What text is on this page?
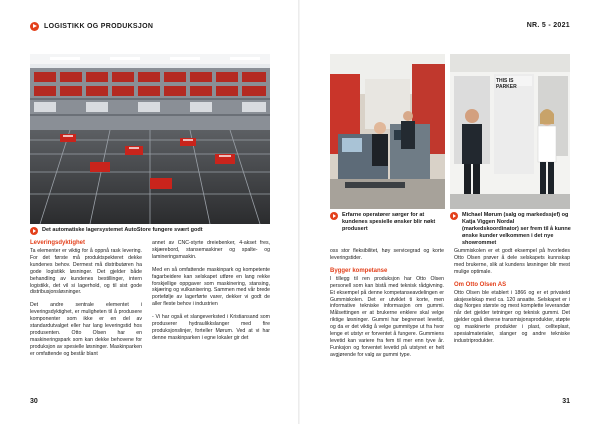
LOGISTIKK OG PRODUKSJON
Det automatiske lagersystemet AutoStore fungere svært godt
Leveringsdyktighet

Ta elementer er viktig for å oppnå rask levering. For det første må produktspekteret dekke kundenes behov. Dermest må distributøren ha gode logistikk løsninger. Det gjelder både behandling av kundenes bestillinger, intern logistikk, det vil si lagerhold, og til sist gode distribusjonsløsninger.

Det andre sentrale elementet i leveringsdyktighet, er muligheten til å produsere komponenter som ikke er en del av standardutvalget eller har lang leveringstid hos produsenten. Otto Olsen har en maskineringspark som kan dekke behovene for produksjon av spesielle løsninger. Maskinparken er omfattende og består blant

annet av CNC-styrte dreiebenker, 4-akset fres, skjærebord, stansemaskiner og spalte- og lamineringsmaskin.

Med en så omfattende maskinpark og kompetente fagarbeidere kan selskapet utføre en lang rekke forskjellige oppgaver som maskinering, stansing, skjæring og vulkanisering. Sammen med vår brede portefølje av lagerførte varer, dekker vi godt de aller fleste behov i industrien

- Vi har også et slangeverksted i Kristiansand som produserer hydraulikkslanger med fire produksjonslinjer, forteller Mørum. Ved at vi har denne maskinparken i egne lokaler gir det

30
NR. 5 - 2021
THIS IS PARKER
Erfarne operatører sørger for at kundenes spesielle ønsker blir nøkt produsert
Michael Mørum (salg og markedssjef) og Katja Viggen Nordal (markedskoordinator) ser frem til å kunne ønske kunder velkommen i det nye showrommet

oss stor fleksibilitet, høy servicegrad og korte leveringstider.

Bygger kompetanse

I tillegg til ren produksjon har Otto Olsen personell som kan bistå med teknisk rådgivning. Et eksempel på denne kompetanseavdelingen er Gummiskolen. Det er utviklet ti korte, men informative tekniske informasjon om gummi. Målsettingen er at brukerne enklere skal velge riktige løsninger. Gummi har begrenset levetid, og da er det viktig å velge gummitype ut fra hvor lenge et utstyr er forventet å fungere. Gummiens levetid kan variere fra fem til mer enn tyve år. Funksjon og forventet levetid på utstyret er helt avgjørende for valg av gummi type.

Gummiskolen er et godt eksempel på hvorledes Otto Olsen prøver å dele selskapets kunnskap med brukerne, slik at kundens løsninger blir mest mulige optimale.

Om Otto Olsen AS

Otto Olsen ble etablert i 1866 og er et privateid aksjeselskap med ca. 120 ansatte. Selskapet er i dag Norges største og mest komplette leverandør når det gjelder tetninger og teknisk gummi. Det gjelder også diverse transmisjonsprodukter, støpte og maskinerte produkter i plast, cellteplast, spesialmaterialer, slanger og andre tekniske industriprodukter.

31
